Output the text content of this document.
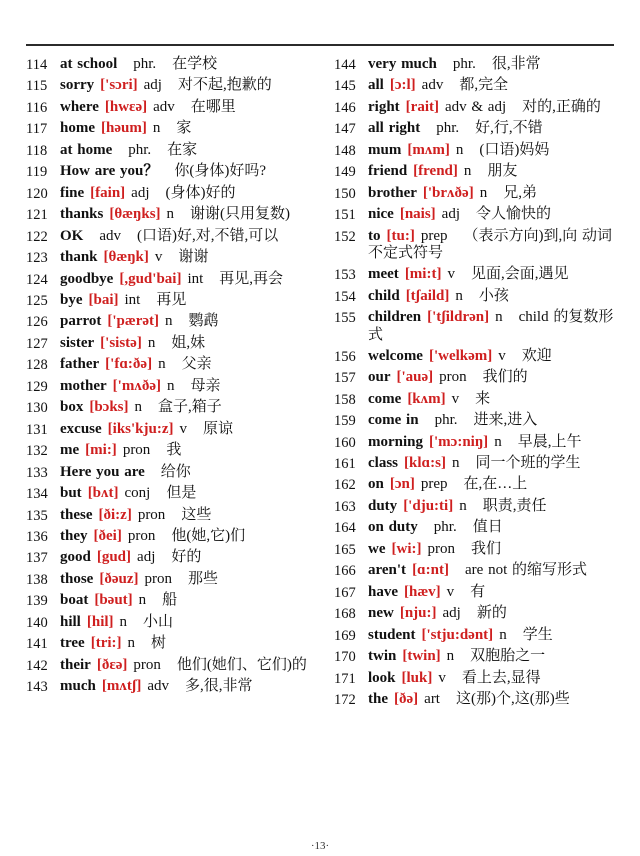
114 at school phr. 在学校
115 sorry ['sɔri] adj 对不起,抱歉的
116 where [hwɛə] adv 在哪里
117 home [həum] n 家
118 at home phr. 在家
119 How are you？ 你(身体)好吗?
120 fine [fain] adj (身体)好的
121 thanks [θæŋks] n 谢谢(只用复数)
122 OK adv (口语)好,对,不错,可以
123 thank [θæŋk] v 谢谢
124 goodbye [,gud'bai] int 再见,再会
125 bye [bai] int 再见
126 parrot ['pærət] n 鹦鹉
127 sister ['sistə] n 姐,妹
128 father ['fɑ:ðə] n 父亲
129 mother ['mʌðə] n 母亲
130 box [bɔks] n 盒子,箱子
131 excuse [iks'kju:z] v 原谅
132 me [mi:] pron 我
133 Here you are 给你
134 but [bʌt] conj 但是
135 these [ði:z] pron 这些
136 they [ðei] pron 他(她,它)们
137 good [gud] adj 好的
138 those [ðəuz] pron 那些
139 boat [bəut] n 船
140 hill [hil] n 小山
141 tree [tri:] n 树
142 their [ðɛə] pron 他们(她们、它们)的
143 much [mʌtʃ] adv 多,很,非常
144 very much phr. 很,非常
145 all [ɔ:l] adv 都,完全
146 right [rait] adv & adj 对的,正确的
147 all right phr. 好,行,不错
148 mum [mʌm] n (口语)妈妈
149 friend [frend] n 朋友
150 brother ['brʌðə] n 兄,弟
151 nice [nais] adj 令人愉快的
152 to [tu:] prep （表示方向)到,向 动词不定式符号
153 meet [mi:t] v 见面,会面,遇见
154 child [tʃaild] n 小孩
155 children ['tʃildrən] n child 的复数形式
156 welcome ['welkəm] v 欢迎
157 our ['auə] pron 我们的
158 come [kʌm] v 来
159 come in phr. 进来,进入
160 morning ['mɔ:niŋ] n 早晨,上午
161 class [klɑ:s] n 同一个班的学生
162 on [ɔn] prep 在,在…上
163 duty ['dju:ti] n 职责,责任
164 on duty phr. 值日
165 we [wi:] pron 我们
166 aren't [ɑ:nt] are not 的缩写形式
167 have [hæv] v 有
168 new [nju:] adj 新的
169 student ['stju:dənt] n 学生
170 twin [twin] n 双胞胎之一
171 look [luk] v 看上去,显得
172 the [ðə] art 这(那)个,这(那)些
·13·
